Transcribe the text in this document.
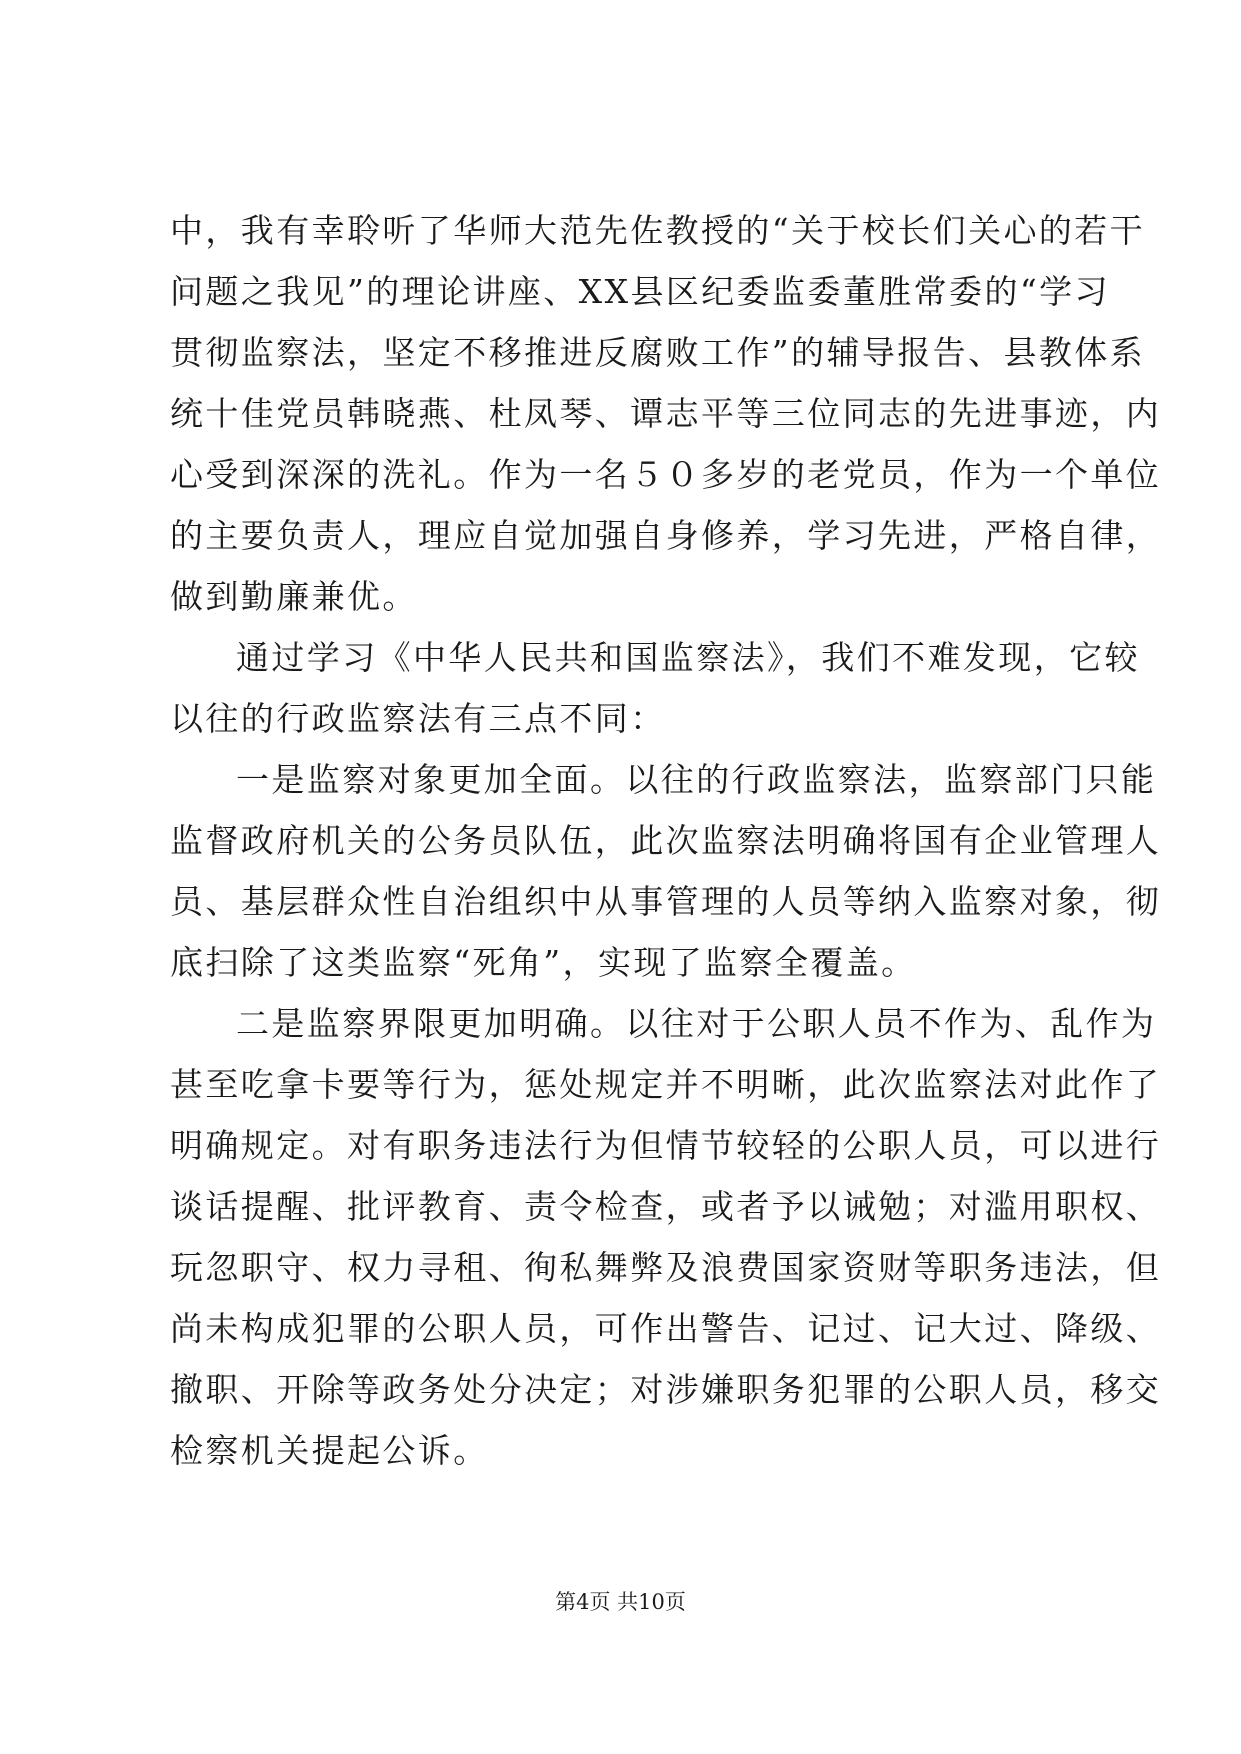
中，我有幸聆听了华师大范先佐教授的“关于校长们关心的若干
问题之我见”的理论讲座、XX县区纪委监委董胜常委的“学习
贯彻监察法，坚定不移推进反腐败工作”的辅导报告、县教体系
统十佳党员韩晓燕、杜凤琴、谭志平等三位同志的先进事迹，内
心受到深深的洗礼。作为一名５０多岁的老党员，作为一个单位
的主要负责人，理应自觉加强自身修养，学习先进，严格自律，
做到勤廉兼优。
通过学习《中华人民共和国监察法》，我们不难发现，它较
以往的行政监察法有三点不同：
一是监察对象更加全面。以往的行政监察法，监察部门只能
监督政府机关的公务员队伍，此次监察法明确将国有企业管理人
员、基层群众性自治组织中从事管理的人员等纳入监察对象，彻
底扫除了这类监察“死角”，实现了监察全覆盖。
二是监察界限更加明确。以往对于公职人员不作为、乱作为
甚至吃拿卡要等行为，惩处规定并不明晰，此次监察法对此作了
明确规定。对有职务违法行为但情节较轻的公职人员，可以进行
谈话提醒、批评教育、责令检查，或者予以诫勉；对滥用职权、
玩忽职守、权力寻租、徇私舞弊及浪费国家资财等职务违法，但
尚未构成犯罪的公职人员，可作出警告、记过、记大过、降级、
撤职、开除等政务处分决定；对涉嫌职务犯罪的公职人员，移交
检察机关提起公诉。
第4页 共10页
